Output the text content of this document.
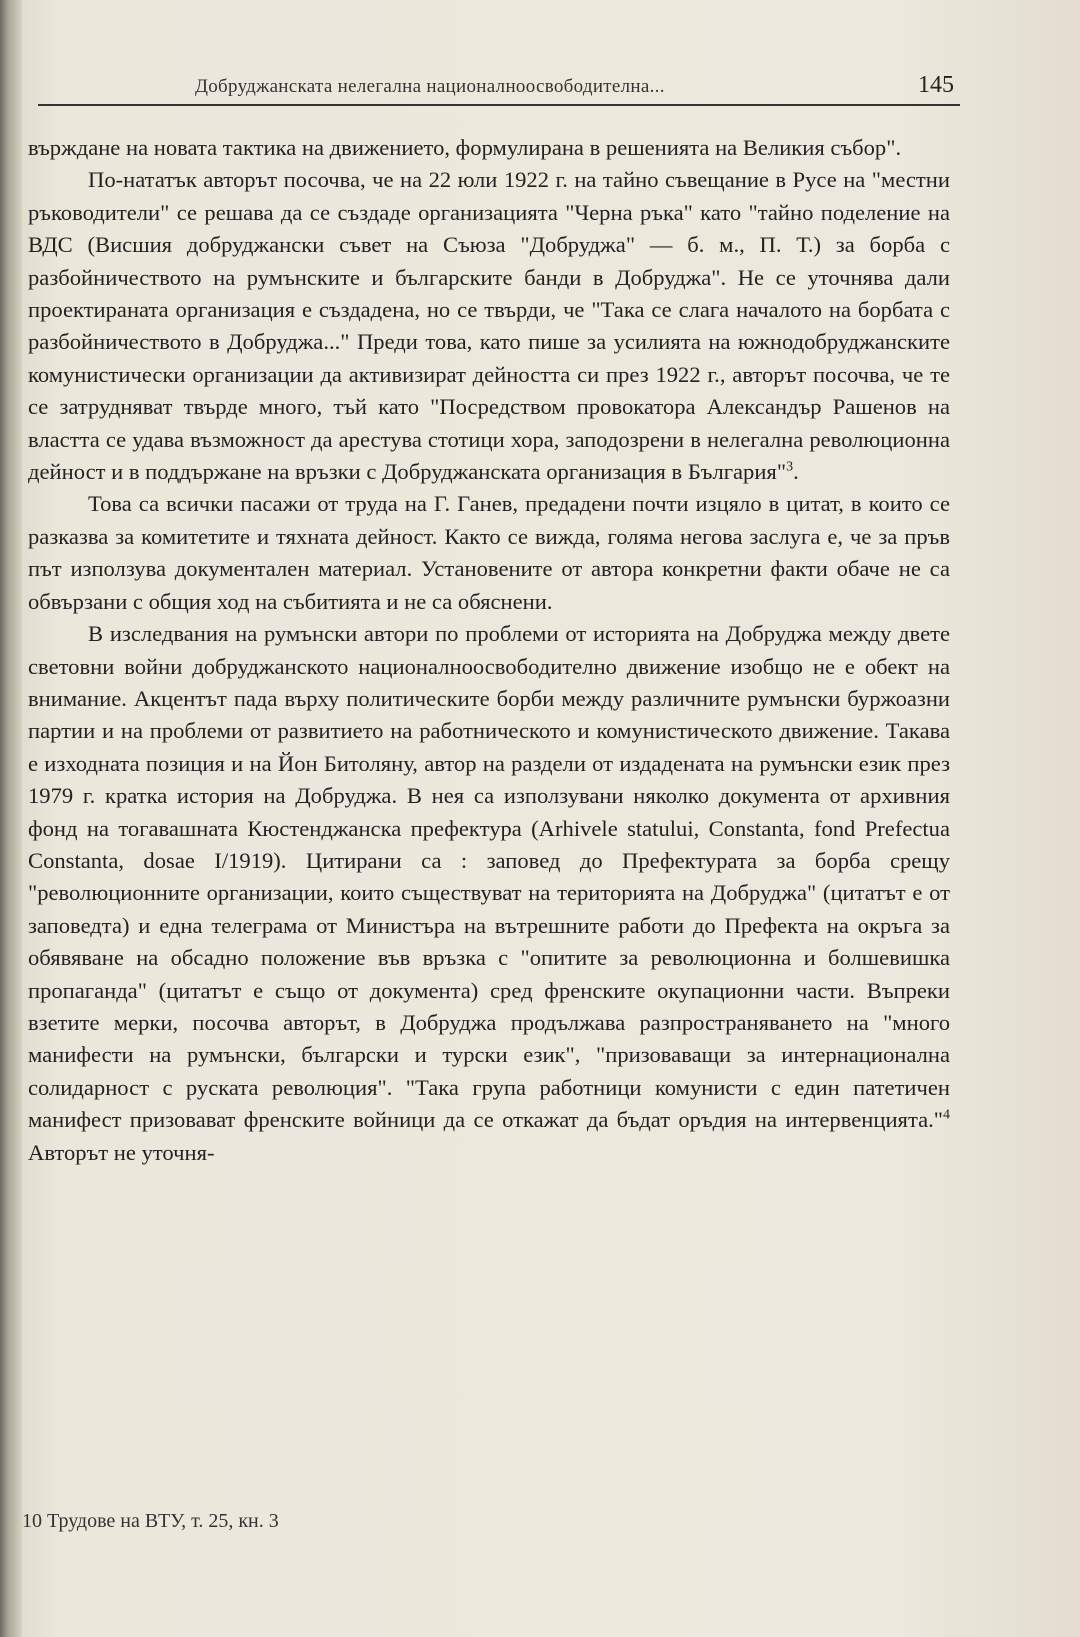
Добруджанската нелегална националноосвободителна...	145

вържданe на новата тактика на движението, формулирана в решенията на Великия събор".

По-нататък авторът посочва, че на 22 юли 1922 г. на тайно съвещание в Русе на "местни ръководители" се решава да се създаде организацията "Черна ръка" като "тайно поделение на ВДС (Висшия добруджански съвет на Съюза "Добруджа" — б. м., П. Т.) за борба с разбойничеството на румънските и българските банди в Добруджа". Не се уточнява дали проектираната организация е създадена, но се твърди, че "Така се слага началото на борбата с разбойничеството в Добруджа..." Преди това, като пише за усилията на южнодобруджанските комунистически организации да активизират дейността си през 1922 г., авторът посочва, че те се затрудняват твърде много, тъй като "Посредством провокатора Александър Рашенов на властта се удава възможност да арестува стотици хора, заподозрени в нелегална революционна дейност и в поддържане на връзки с Добруджанската организация в България"$^3$.

Това са всички пасажи от труда на Г. Ганев, предадени почти изцяло в цитат, в които се разказва за комитетите и тяхната дейност. Както се вижда, голяма негова заслуга е, че за пръв път използува документален материал. Установените от автора конкретни факти обаче не са обвързани с общия ход на събитията и не са обяснени.

В изследвания на румънски автори по проблеми от историята на Добруджа между двете световни войни добруджанското националноосвободително движение изобщо не е обект на внимание. Акцентът пада върху политическите борби между различните румънски буржоазни партии и на проблеми от развитието на работническото и комунистическото движение. Такава е изходната позиция и на Йон Битоляну, автор на раздели от издадената на румънски език през 1979 г. кратка история на Добруджа. В нея са използувани няколко документа от архивния фонд на тогавашната Кюстенджанска префектура (Arhivele statului, Constanta, fond Prefectua Constanta, dosae I/1919). Цитирани са : заповед до Префектурата за борба срещу "революционните организации, които съществуват на територията на Добруджа" (цитатът е от заповедта) и една телеграма от Министъра на вътрешните работи до Префекта на окръга за обявяване на обсадно положение във връзка с "опитите за революционна и болшевишка пропаганда" (цитатът е също от документа) сред френските окупационни части. Въпреки взетите мерки, посочва авторът, в Добруджа продължава разпространяването на "много манифести на румънски, български и турски език", "призоваващи за интернационална солидарност с руската революция". "Така група работници комунисти с един патетичен манифест призовават френските войници да се откажат да бъдат оръдия на интервенцията."$^4$ Авторът не уточня-

10 Трудове на ВТУ, т. 25, кн. 3
